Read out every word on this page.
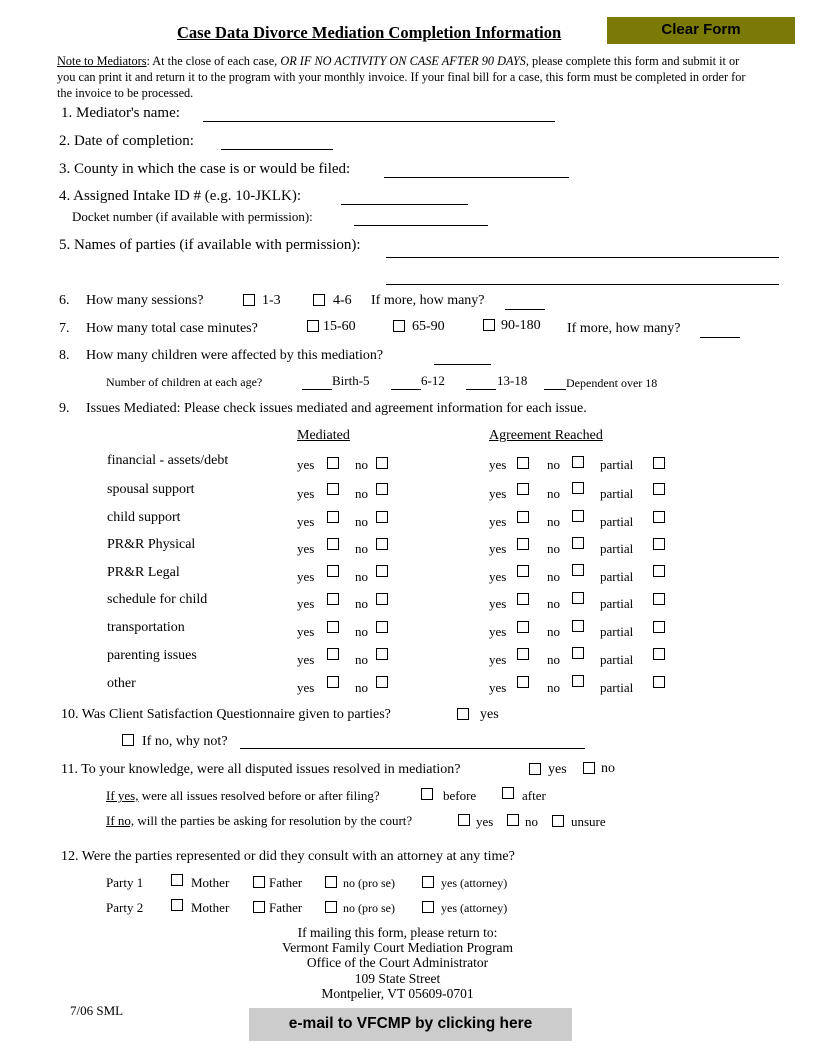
Case Data Divorce Mediation Completion Information	Clear Form
Note to Mediators: At the close of each case, OR IF NO ACTIVITY ON CASE AFTER 90 DAYS, please complete this form and submit it or you can print it and return it to the program with your monthly invoice. If your final bill for a case, this form must be completed in order for the invoice to be processed.
1. Mediator's name:
2. Date of completion:
3. County in which the case is or would be filed:
4. Assigned Intake ID # (e.g. 10-JKLK):
Docket number (if available with permission):
5. Names of parties (if available with permission):
6. How many sessions?	1-3	4-6 If more, how many?
7. How many total case minutes?	15-60	65-90	90-180 If more, how many?
8. How many children were affected by this mediation?
Number of children at each age?	Birth-5	6-12	13-18	Dependent over 18
9. Issues Mediated: Please check issues mediated and agreement information for each issue.
Mediated	Agreement Reached
financial - assets/debt	yes	no	yes	no	partial
spousal support	yes	no	yes	no	partial
child support	yes	no	yes	no	partial
PR&R Physical	yes	no	yes	no	partial
PR&R Legal	yes	no	yes	no	partial
schedule for child	yes	no	yes	no	partial
transportation	yes	no	yes	no	partial
parenting issues	yes	no	yes	no	partial
other	yes	no	yes	no	partial
10. Was Client Satisfaction Questionnaire given to parties?	yes
If no, why not?
11. To your knowledge, were all disputed issues resolved in mediation?	yes no
If yes, were all issues resolved before or after filing?	before	after
If no, will the parties be asking for resolution by the court?	yes no	unsure
12. Were the parties represented or did they consult with an attorney at any time?
Party 1	Mother	Father	no (pro se)	yes (attorney)
Party 2	Mother	Father	no (pro se)	yes (attorney)
If mailing this form, please return to:
Vermont Family Court Mediation Program
Office of the Court Administrator
109 State Street
Montpelier, VT 05609-0701
7/06 SML
e-mail to VFCMP by clicking here
